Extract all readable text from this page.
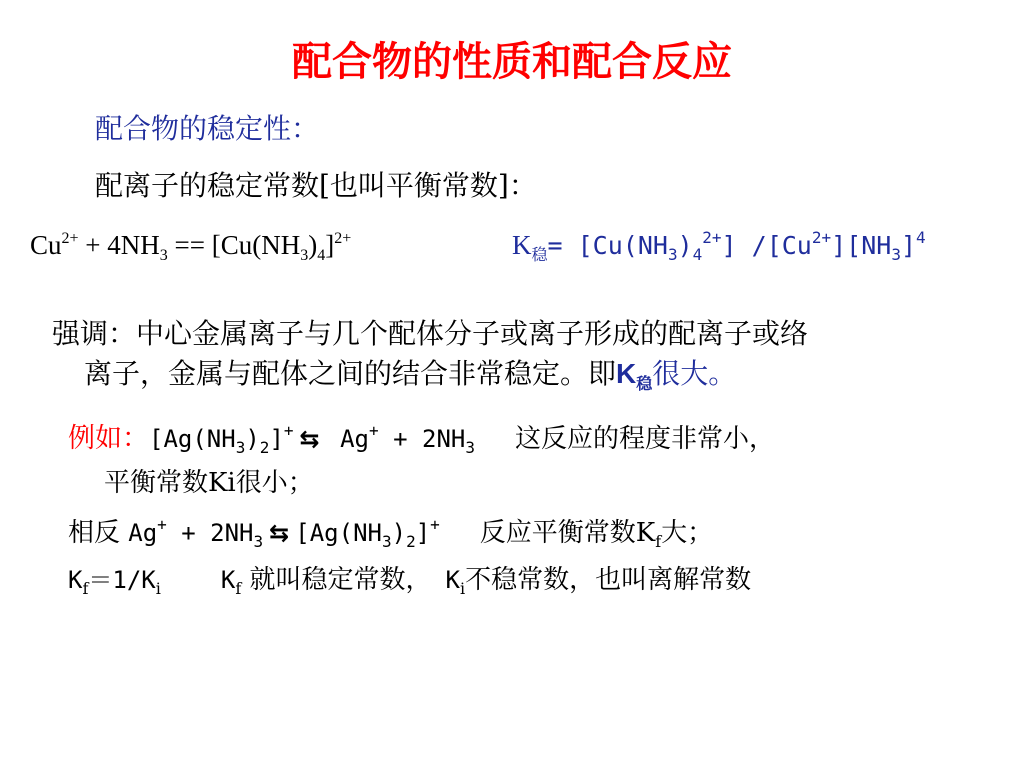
配合物的性质和配合反应
配合物的稳定性：
配离子的稳定常数[也叫平衡常数]：
$Cu^{2+} + 4NH_3 == [Cu(NH_3)_4]^{2+}$	$K_稳= [Cu(NH_3)_4^{2+}]$ $/[Cu^{2+}][NH_3]^4$
强调：中心金属离子与几个配体分子或离子形成的配离子或络
离子，金属与配体之间的结合非常稳定。即$K_稳$很大。
例如：$[Ag(NH_3)_2]^+$ ⇆ $Ag^+ + 2NH_3$ 这反应的程度非常小，
平衡常数Ki很小；
相反 $Ag^+ + 2NH_3$ ⇆ $[Ag(NH_3)_2]^+$ 反应平衡常数$K_f$大；
$K_f=1/K_i$	$K_f$ 就叫稳定常数， $K_i$不稳常数，也叫离解常数
